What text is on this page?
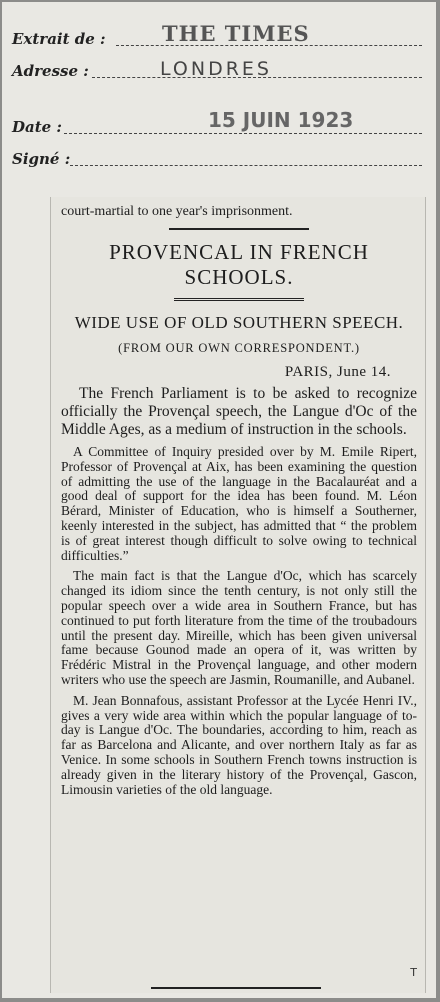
Extrait de :	THE TIMES
Adresse :	LONDRES
Date :	15 JUIN 1923
Signé :
court-martial to one year's imprisonment.
PROVENCAL IN FRENCH SCHOOLS.
WIDE USE OF OLD SOUTHERN SPEECH.
(FROM OUR OWN CORRESPONDENT.)
PARIS, June 14.

The French Parliament is to be asked to recognize officially the Provençal speech, the Langue d'Oc of the Middle Ages, as a medium of instruction in the schools.

A Committee of Inquiry presided over by M. Emile Ripert, Professor of Provençal at Aix, has been examining the question of admitting the use of the language in the Bacalauréat and a good deal of support for the idea has been found. M. Léon Bérard, Minister of Education, who is himself a Southerner, keenly interested in the subject, has admitted that “ the problem is of great interest though difficult to solve owing to technical difficulties.”

The main fact is that the Langue d'Oc, which has scarcely changed its idiom since the tenth century, is not only still the popular speech over a wide area in Southern France, but has continued to put forth literature from the time of the troubadours until the present day. Mireille, which has been given universal fame because Gounod made an opera of it, was written by Frédéric Mistral in the Provençal language, and other modern writers who use the speech are Jasmin, Roumanille, and Aubanel.

M. Jean Bonnafous, assistant Professor at the Lycée Henri IV., gives a very wide area within which the popular language of to-day is Langue d'Oc. The boundaries, according to him, reach as far as Barcelona and Alicante, and over northern Italy as far as Venice. In some schools in Southern French towns instruction is already given in the literary history of the Provençal, Gascon, Limousin varieties of the old language.

T
